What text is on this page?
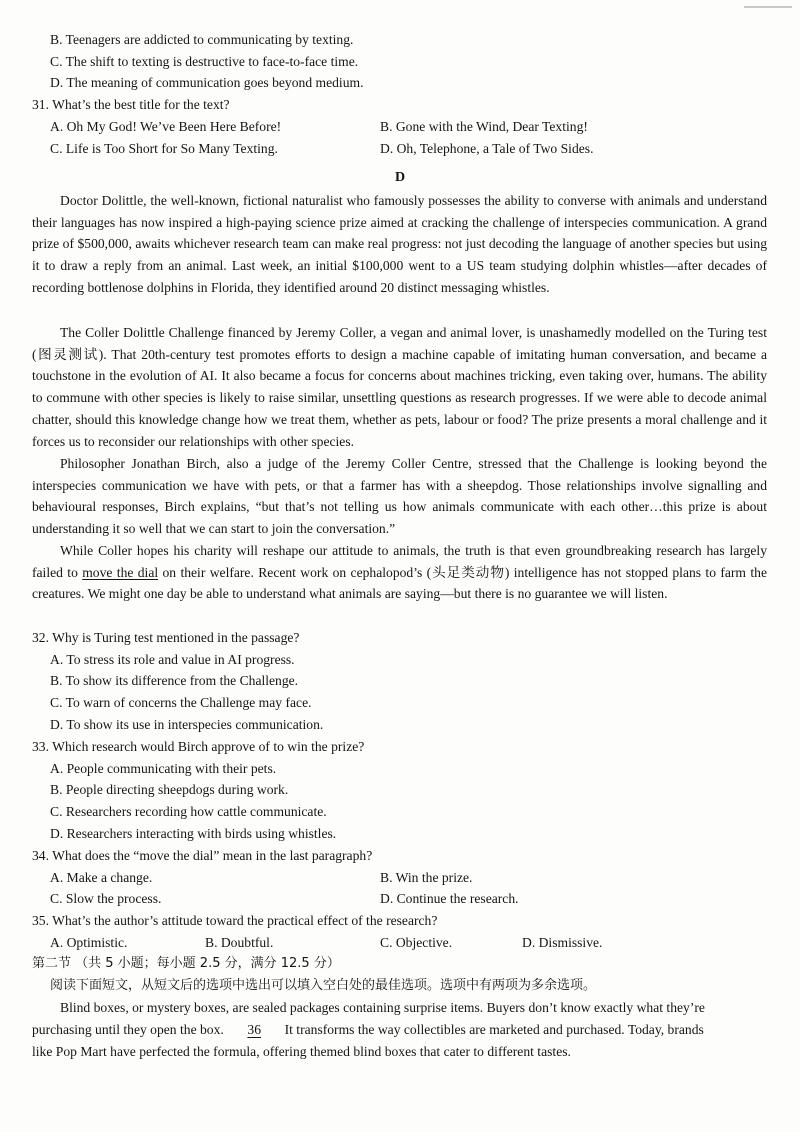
B. Teenagers are addicted to communicating by texting.
C. The shift to texting is destructive to face-to-face time.
D. The meaning of communication goes beyond medium.
31. What’s the best title for the text?
A. Oh My God! We’ve Been Here Before!	B. Gone with the Wind, Dear Texting!
C. Life is Too Short for So Many Texting.	D. Oh, Telephone, a Tale of Two Sides.
D
Doctor Dolittle, the well-known, fictional naturalist who famously possesses the ability to converse with animals and understand their languages has now inspired a high-paying science prize aimed at cracking the challenge of interspecies communication. A grand prize of $500,000, awaits whichever research team can make real progress: not just decoding the language of another species but using it to draw a reply from an animal. Last week, an initial $100,000 went to a US team studying dolphin whistles—after decades of recording bottlenose dolphins in Florida, they identified around 20 distinct messaging whistles.
The Coller Dolittle Challenge financed by Jeremy Coller, a vegan and animal lover, is unashamedly modelled on the Turing test (图灵测试). That 20th-century test promotes efforts to design a machine capable of imitating human conversation, and became a touchstone in the evolution of AI. It also became a focus for concerns about machines tricking, even taking over, humans. The ability to commune with other species is likely to raise similar, unsettling questions as research progresses. If we were able to decode animal chatter, should this knowledge change how we treat them, whether as pets, labour or food? The prize presents a moral challenge and it forces us to reconsider our relationships with other species.
Philosopher Jonathan Birch, also a judge of the Jeremy Coller Centre, stressed that the Challenge is looking beyond the interspecies communication we have with pets, or that a farmer has with a sheepdog. Those relationships involve signalling and behavioural responses, Birch explains, “but that’s not telling us how animals communicate with each other…this prize is about understanding it so well that we can start to join the conversation.”
While Coller hopes his charity will reshape our attitude to animals, the truth is that even groundbreaking research has largely failed to move the dial on their welfare. Recent work on cephalopod’s (头足类动物) intelligence has not stopped plans to farm the creatures. We might one day be able to understand what animals are saying—but there is no guarantee we will listen.
32. Why is Turing test mentioned in the passage?
A. To stress its role and value in AI progress.
B. To show its difference from the Challenge.
C. To warn of concerns the Challenge may face.
D. To show its use in interspecies communication.
33. Which research would Birch approve of to win the prize?
A. People communicating with their pets.
B. People directing sheepdogs during work.
C. Researchers recording how cattle communicate.
D. Researchers interacting with birds using whistles.
34. What does the “move the dial” mean in the last paragraph?
A. Make a change.	B. Win the prize.
C. Slow the process.	D. Continue the research.
35. What’s the author’s attitude toward the practical effect of the research?
A. Optimistic.	B. Doubtful.	C. Objective.	D. Dismissive.
第二节 （共 5 小题；每小题 2.5 分，满分 12.5 分）
阅读下面短文，从短文后的选项中选出可以填入空白处的最佳选项。选项中有两项为多余选项。
Blind boxes, or mystery boxes, are sealed packages containing surprise items. Buyers don’t know exactly what they’re
purchasing until they open the box. 36 It transforms the way collectibles are marketed and purchased. Today, brands
like Pop Mart have perfected the formula, offering themed blind boxes that cater to different tastes.
